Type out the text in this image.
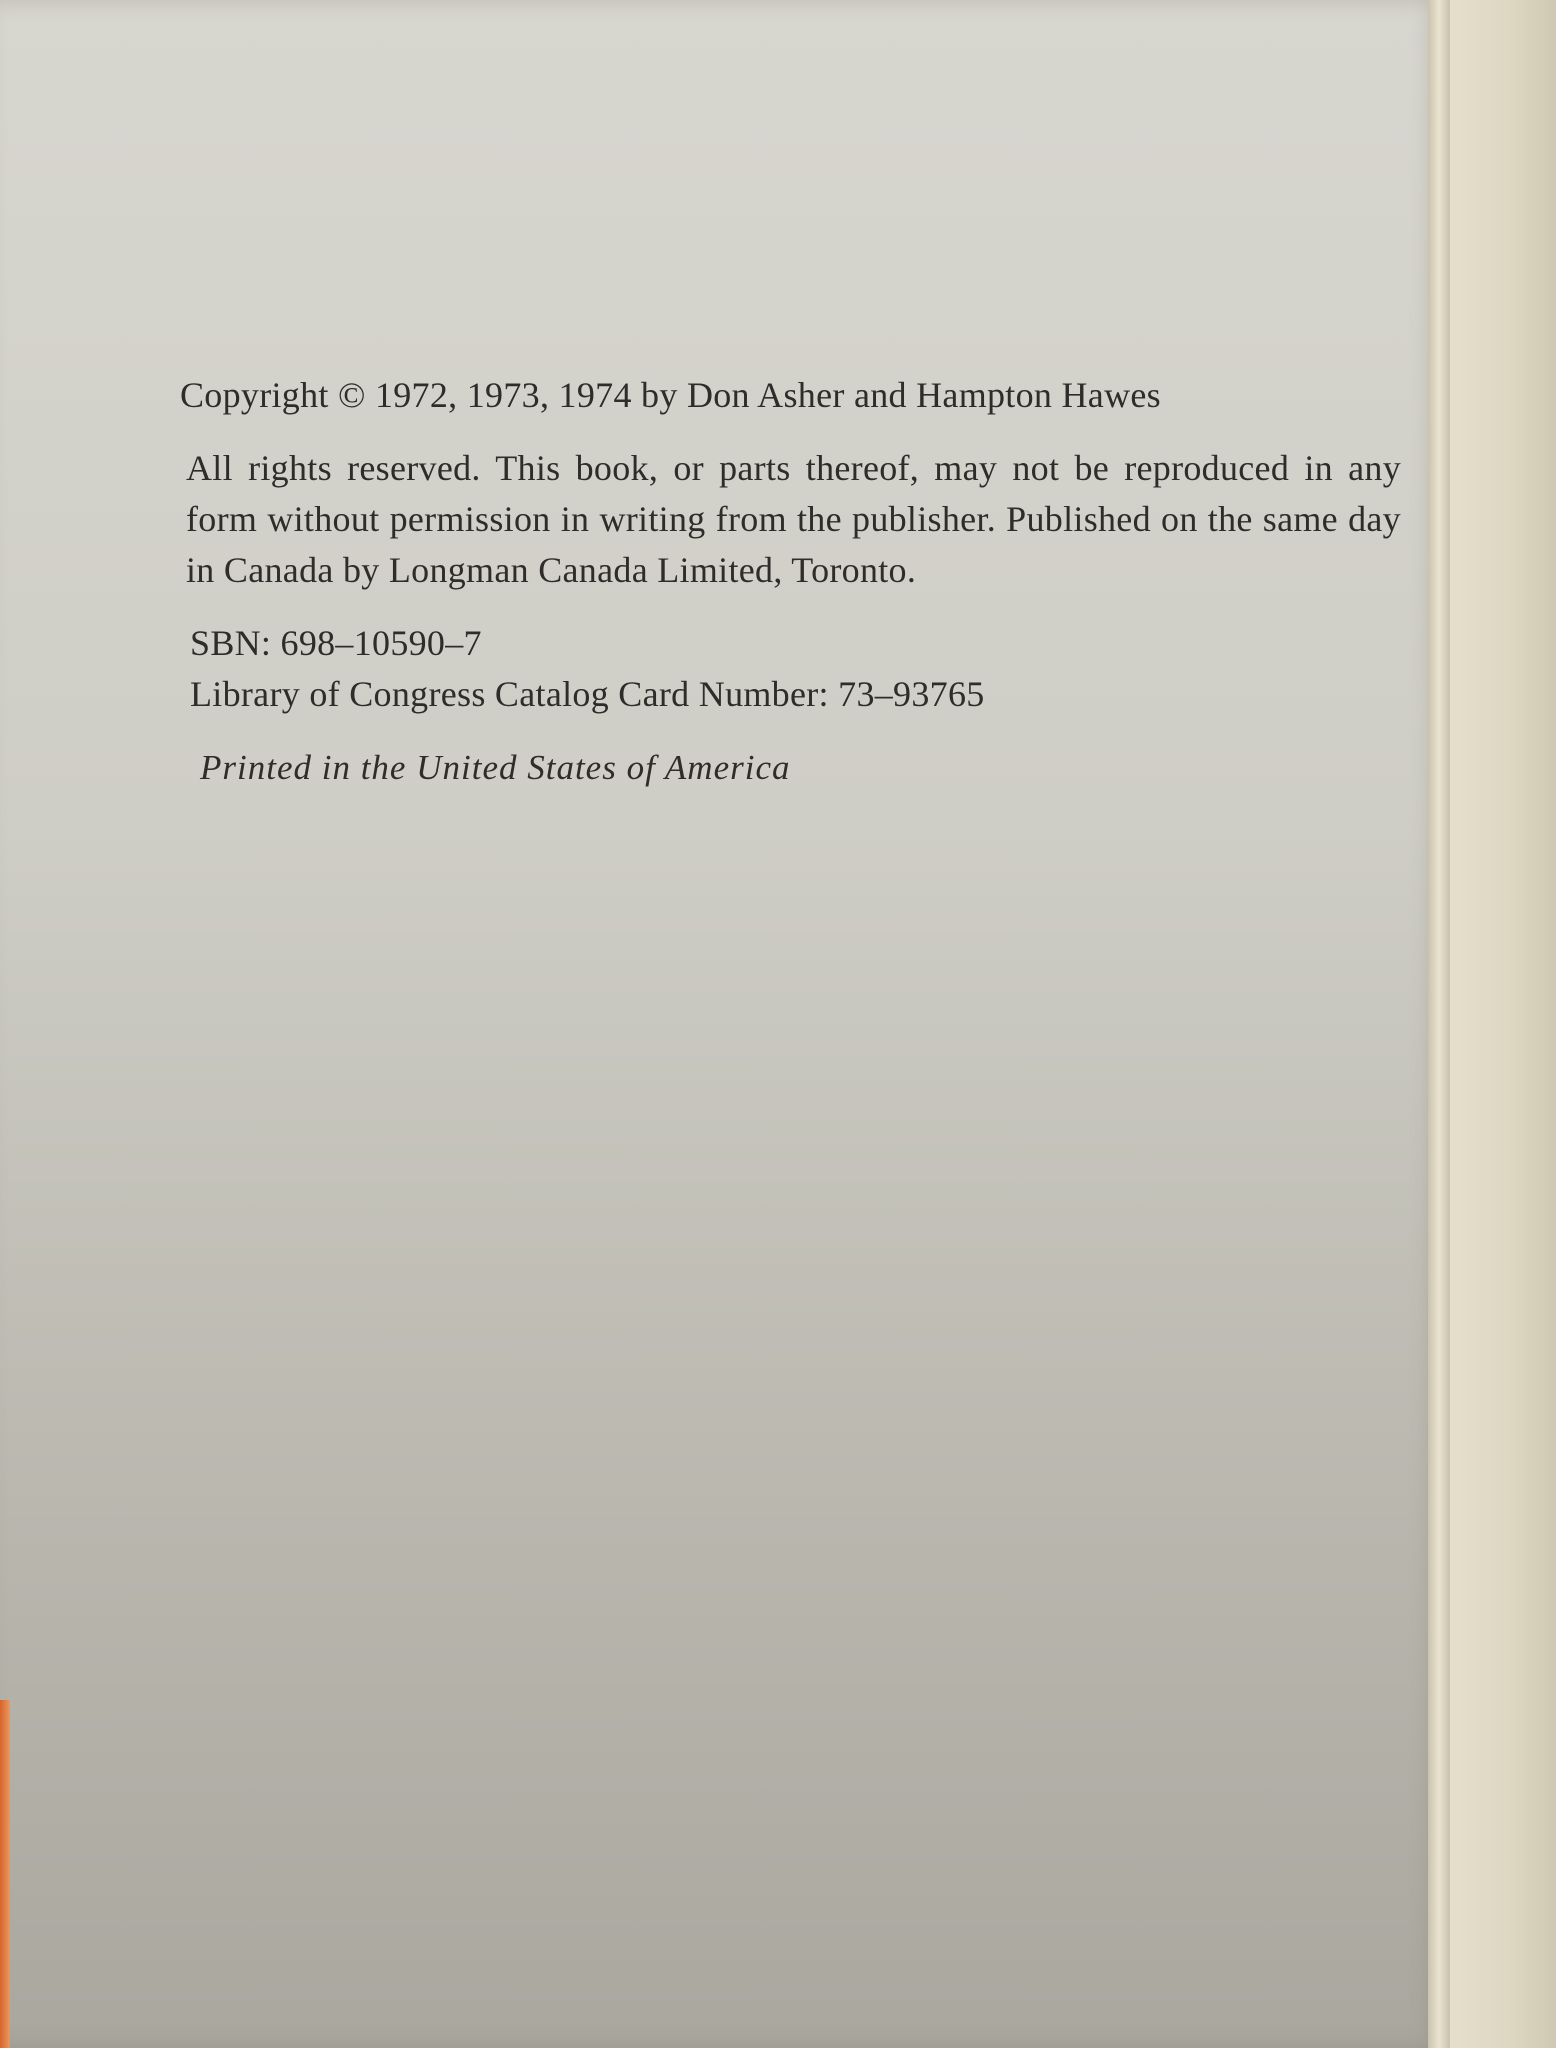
Copyright © 1972, 1973, 1974 by Don Asher and Hampton Hawes

All rights reserved. This book, or parts thereof, may not be reproduced in any form without permission in writing from the publisher. Published on the same day in Canada by Longman Canada Limited, Toronto.

SBN: 698–10590–7

Library of Congress Catalog Card Number: 73–93765

Printed in the United States of America
